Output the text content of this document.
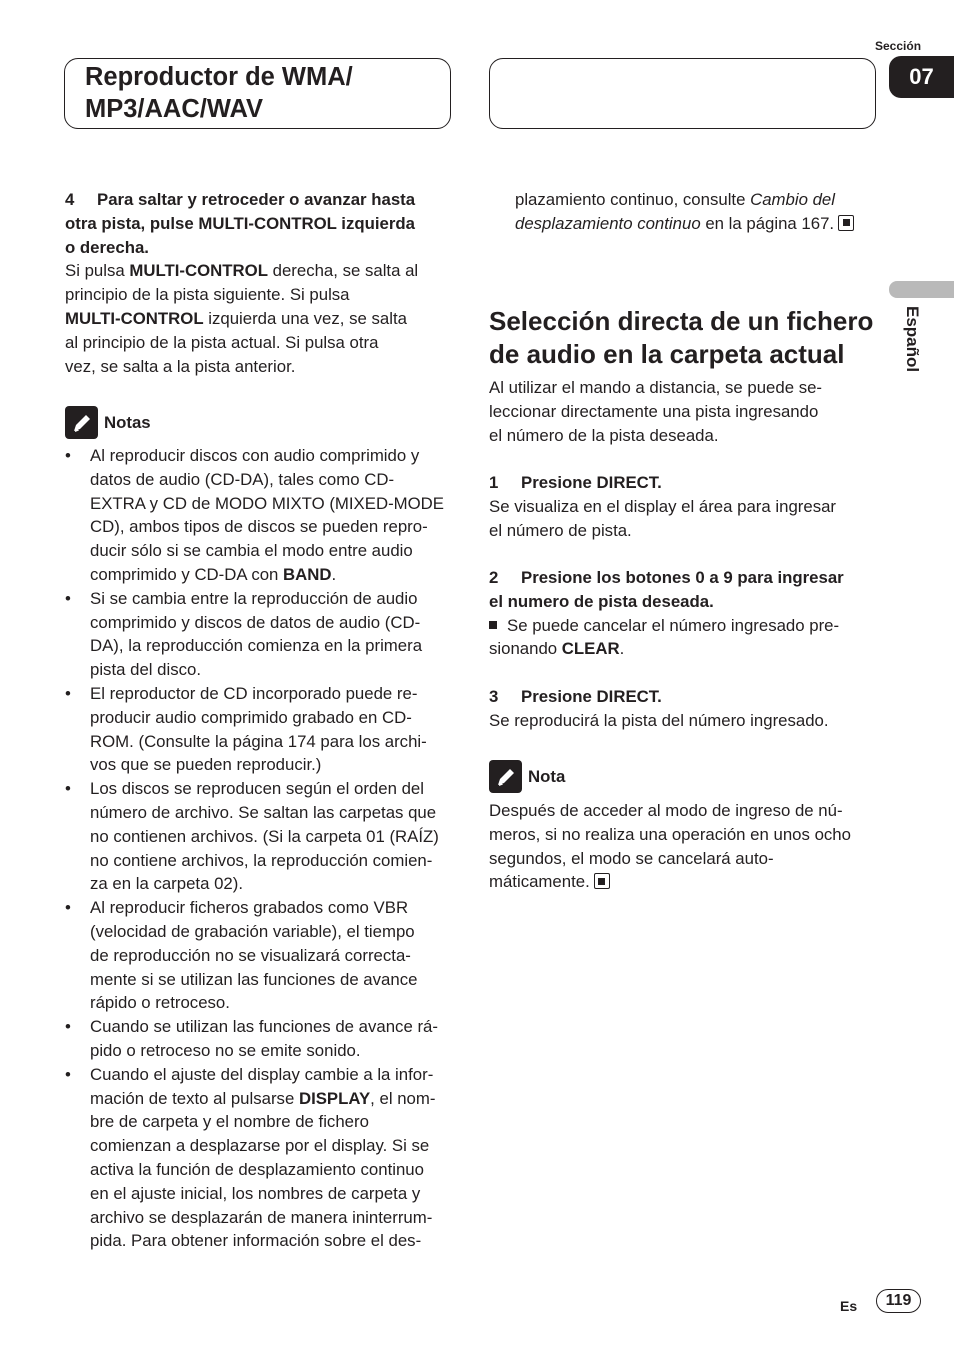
Reproductor de WMA/
MP3/AAC/WAV
Sección
07
Español
4 Para saltar y retroceder o avanzar hasta
otra pista, pulse MULTI-CONTROL izquierda
o derecha.
Si pulsa MULTI-CONTROL derecha, se salta al
principio de la pista siguiente. Si pulsa
MULTI-CONTROL izquierda una vez, se salta
al principio de la pista actual. Si pulsa otra
vez, se salta a la pista anterior.
Notas
• Al reproducir discos con audio comprimido y
datos de audio (CD-DA), tales como CD-
EXTRA y CD de MODO MIXTO (MIXED-MODE
CD), ambos tipos de discos se pueden repro-
ducir sólo si se cambia el modo entre audio
comprimido y CD-DA con BAND.
• Si se cambia entre la reproducción de audio
comprimido y discos de datos de audio (CD-
DA), la reproducción comienza en la primera
pista del disco.
• El reproductor de CD incorporado puede re-
producir audio comprimido grabado en CD-
ROM. (Consulte la página 174 para los archi-
vos que se pueden reproducir.)
• Los discos se reproducen según el orden del
número de archivo. Se saltan las carpetas que
no contienen archivos. (Si la carpeta 01 (RAÍZ)
no contiene archivos, la reproducción comien-
za en la carpeta 02).
• Al reproducir ficheros grabados como VBR
(velocidad de grabación variable), el tiempo
de reproducción no se visualizará correcta-
mente si se utilizan las funciones de avance
rápido o retroceso.
• Cuando se utilizan las funciones de avance rá-
pido o retroceso no se emite sonido.
• Cuando el ajuste del display cambie a la infor-
mación de texto al pulsarse DISPLAY, el nom-
bre de carpeta y el nombre de fichero
comienzan a desplazarse por el display. Si se
activa la función de desplazamiento continuo
en el ajuste inicial, los nombres de carpeta y
archivo se desplazarán de manera ininterrum-
pida. Para obtener información sobre el des-
plazamiento continuo, consulte Cambio del
desplazamiento continuo en la página 167.
Selección directa de un fichero
de audio en la carpeta actual
Al utilizar el mando a distancia, se puede se-
leccionar directamente una pista ingresando
el número de la pista deseada.
1 Presione DIRECT.
Se visualiza en el display el área para ingresar
el número de pista.
2 Presione los botones 0 a 9 para ingresar
el numero de pista deseada.
Se puede cancelar el número ingresado pre-
sionando CLEAR.
3 Presione DIRECT.
Se reproducirá la pista del número ingresado.
Nota
Después de acceder al modo de ingreso de nú-
meros, si no realiza una operación en unos ocho
segundos, el modo se cancelará auto-
máticamente.
Es	119
